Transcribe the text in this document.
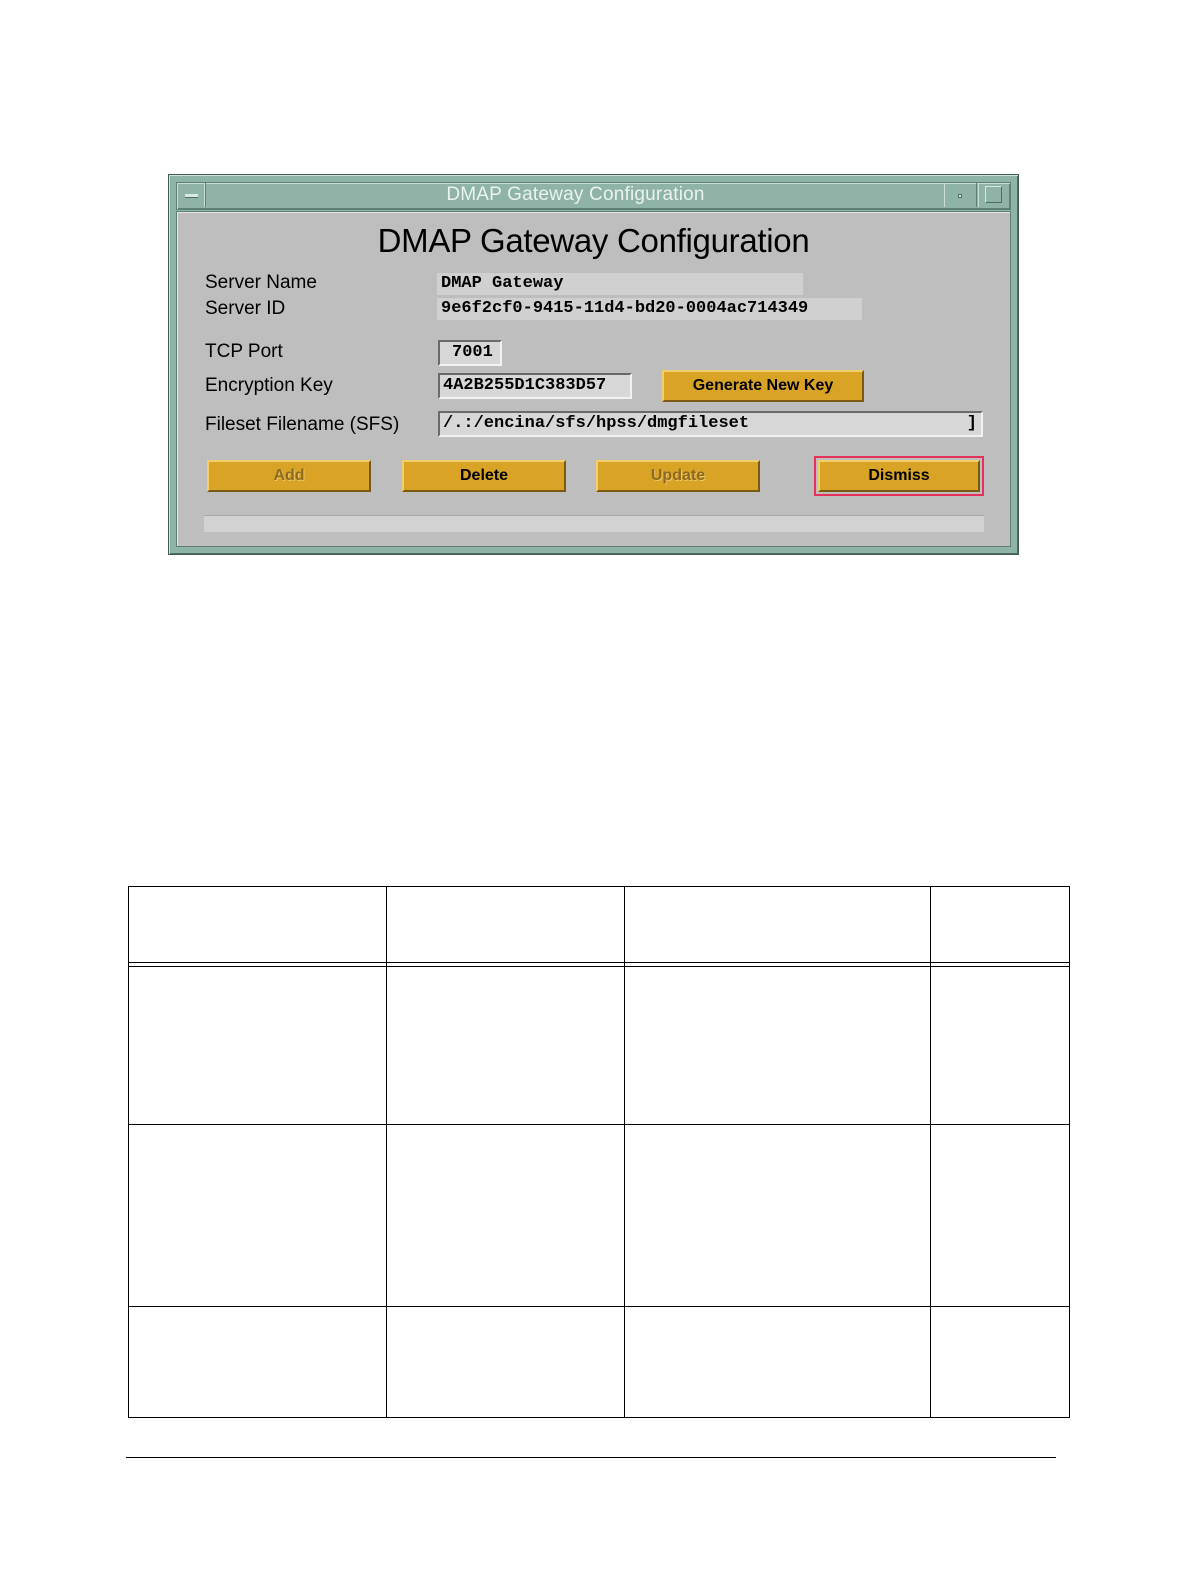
DMAP Gateway Configuration
DMAP Gateway Configuration
Server Name	DMAP Gateway
Server ID	9e6f2cf0-9415-11d4-bd20-0004ac714349
TCP Port	7001
Encryption Key	4A2B255D1C383D57	Generate New Key
Fileset Filename (SFS)	/.:/encina/sfs/hpss/dmgfileset	]
Add	Delete	Update	Dismiss
